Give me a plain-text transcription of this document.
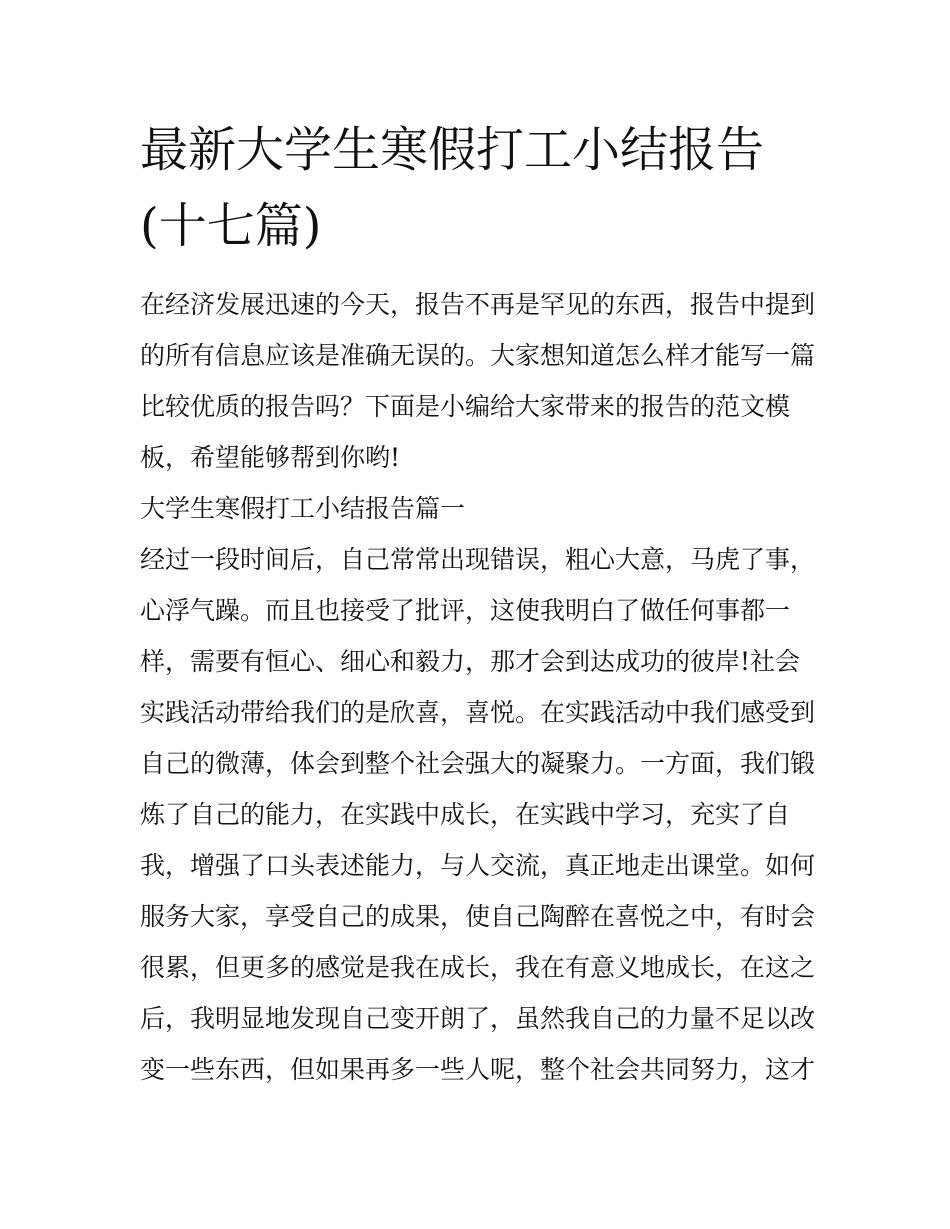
最新大学生寒假打工小结报告
(十七篇)
在经济发展迅速的今天，报告不再是罕见的东西，报告中提到
的所有信息应该是准确无误的。大家想知道怎么样才能写一篇
比较优质的报告吗？下面是小编给大家带来的报告的范文模
板，希望能够帮到你哟!
大学生寒假打工小结报告篇一
经过一段时间后，自己常常出现错误，粗心大意，马虎了事，
心浮气躁。而且也接受了批评，这使我明白了做任何事都一
样，需要有恒心、细心和毅力，那才会到达成功的彼岸!社会
实践活动带给我们的是欣喜，喜悦。在实践活动中我们感受到
自己的微薄，体会到整个社会强大的凝聚力。一方面，我们锻
炼了自己的能力，在实践中成长，在实践中学习，充实了自
我，增强了口头表述能力，与人交流，真正地走出课堂。如何
服务大家，享受自己的成果，使自己陶醉在喜悦之中，有时会
很累，但更多的感觉是我在成长，我在有意义地成长，在这之
后，我明显地发现自己变开朗了，虽然我自己的力量不足以改
变一些东西，但如果再多一些人呢，整个社会共同努力，这才
